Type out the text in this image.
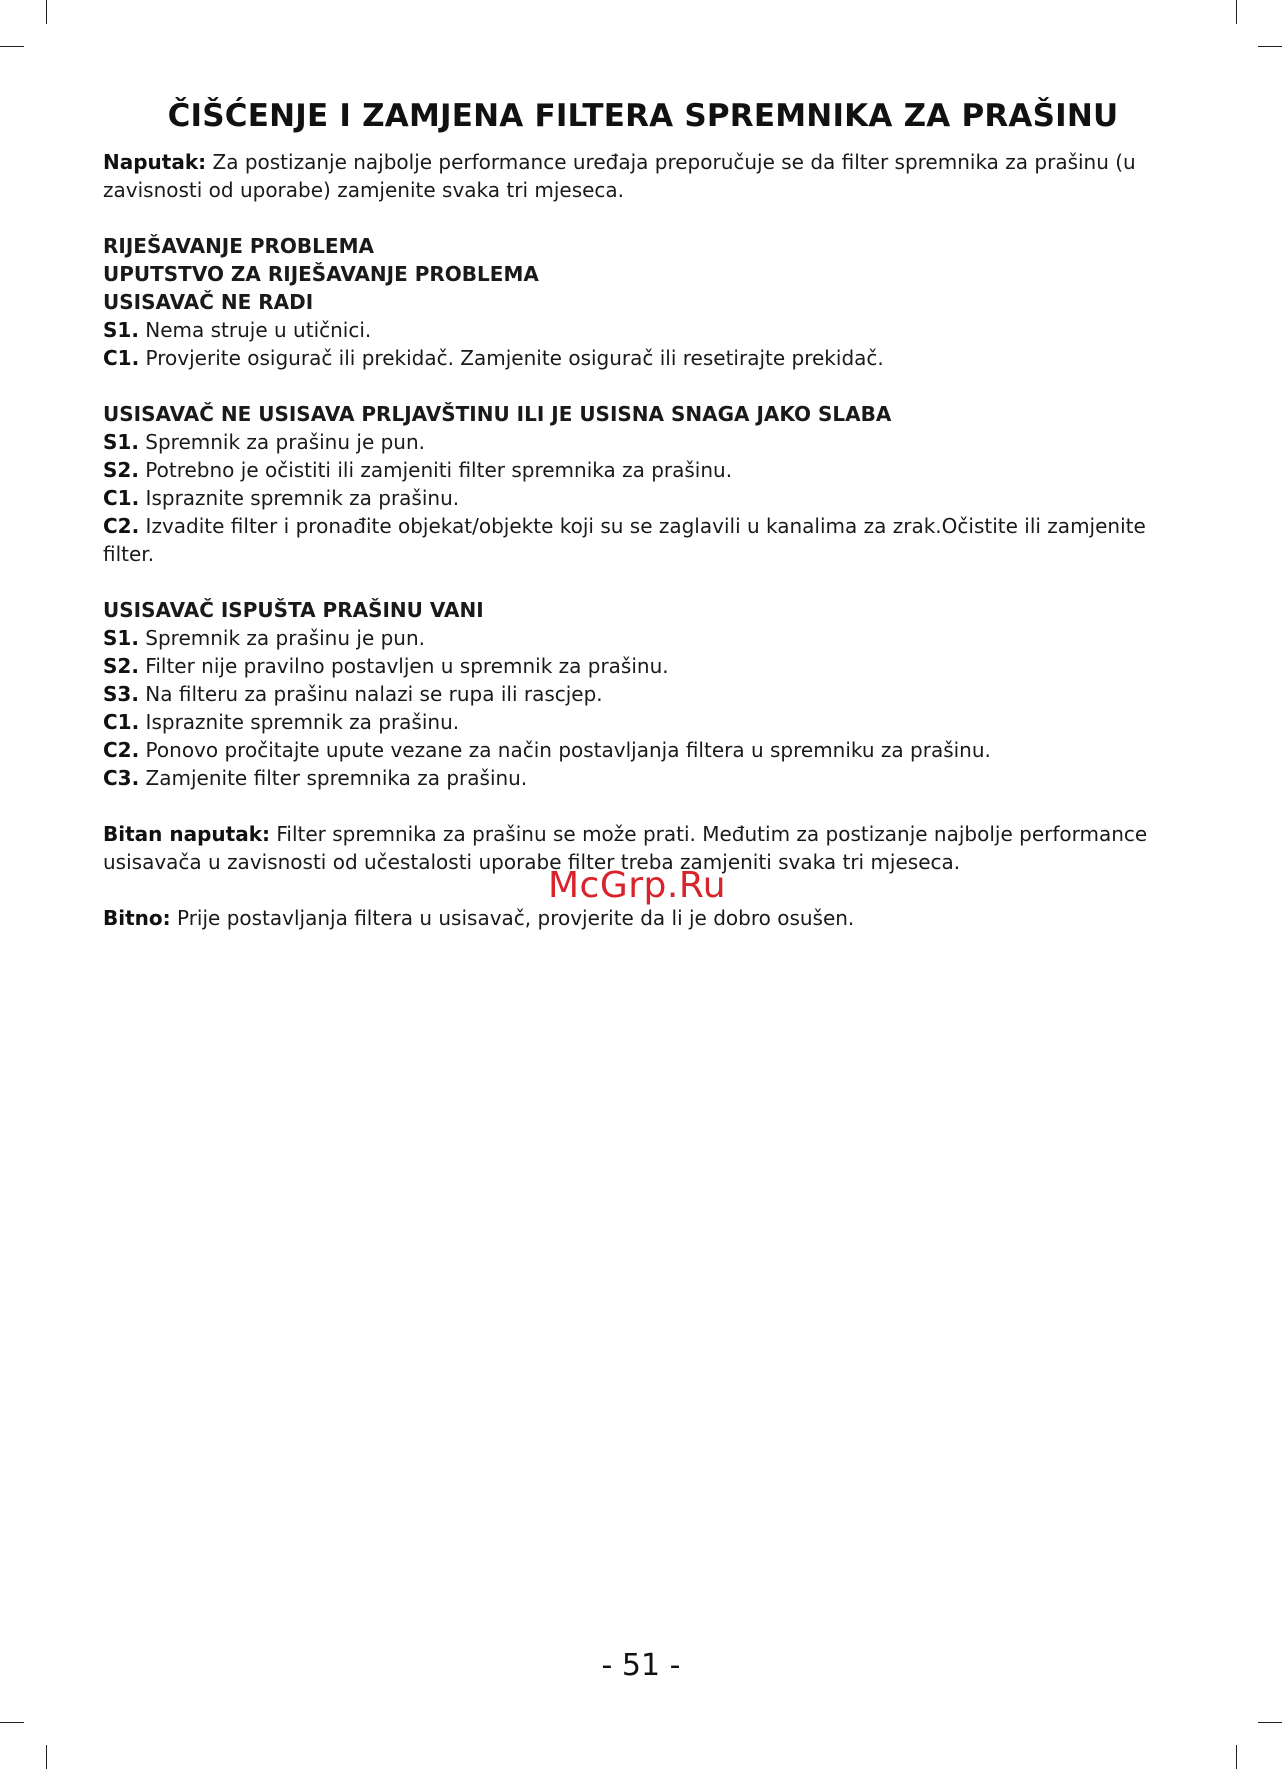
ČIŠĆENJE I ZAMJENA FILTERA SPREMNIKA ZA PRAŠINU

Naputak: Za postizanje najbolje performance uređaja preporučuje se da filter spremnika za prašinu (u zavisnosti od uporabe) zamjenite svaka tri mjeseca.

RIJEŠAVANJE PROBLEMA

UPUTSTVO ZA RIJEŠAVANJE PROBLEMA

USISAVAČ NE RADI

S1. Nema struje u utičnici.

C1. Provjerite osigurač ili prekidač. Zamjenite osigurač ili resetirajte prekidač.

USISAVAČ NE USISAVA PRLJAVŠTINU ILI JE USISNA SNAGA JAKO SLABA

S1. Spremnik za prašinu je pun.

S2. Potrebno je očistiti ili zamjeniti filter spremnika za prašinu.

C1. Ispraznite spremnik za prašinu.

C2. Izvadite filter i pronađite objekat/objekte koji su se zaglavili u kanalima za zrak.Očistite ili zamjenite filter.

USISAVAČ ISPUŠTA PRAŠINU VANI

S1. Spremnik za prašinu je pun.

S2. Filter nije pravilno postavljen u spremnik za prašinu.

S3. Na filteru za prašinu nalazi se rupa ili rascjep.

C1. Ispraznite spremnik za prašinu.

C2. Ponovo pročitajte upute vezane za način postavljanja filtera u spremniku za prašinu.

C3. Zamjenite filter spremnika za prašinu.

Bitan naputak: Filter spremnika za prašinu se može prati. Međutim za postizanje najbolje performance usisavača u zavisnosti od učestalosti uporabe filter treba zamjeniti svaka tri mjeseca.

Bitno: Prije postavljanja filtera u usisavač, provjerite da li je dobro osušen.

McGrp.Ru
- 51 -
